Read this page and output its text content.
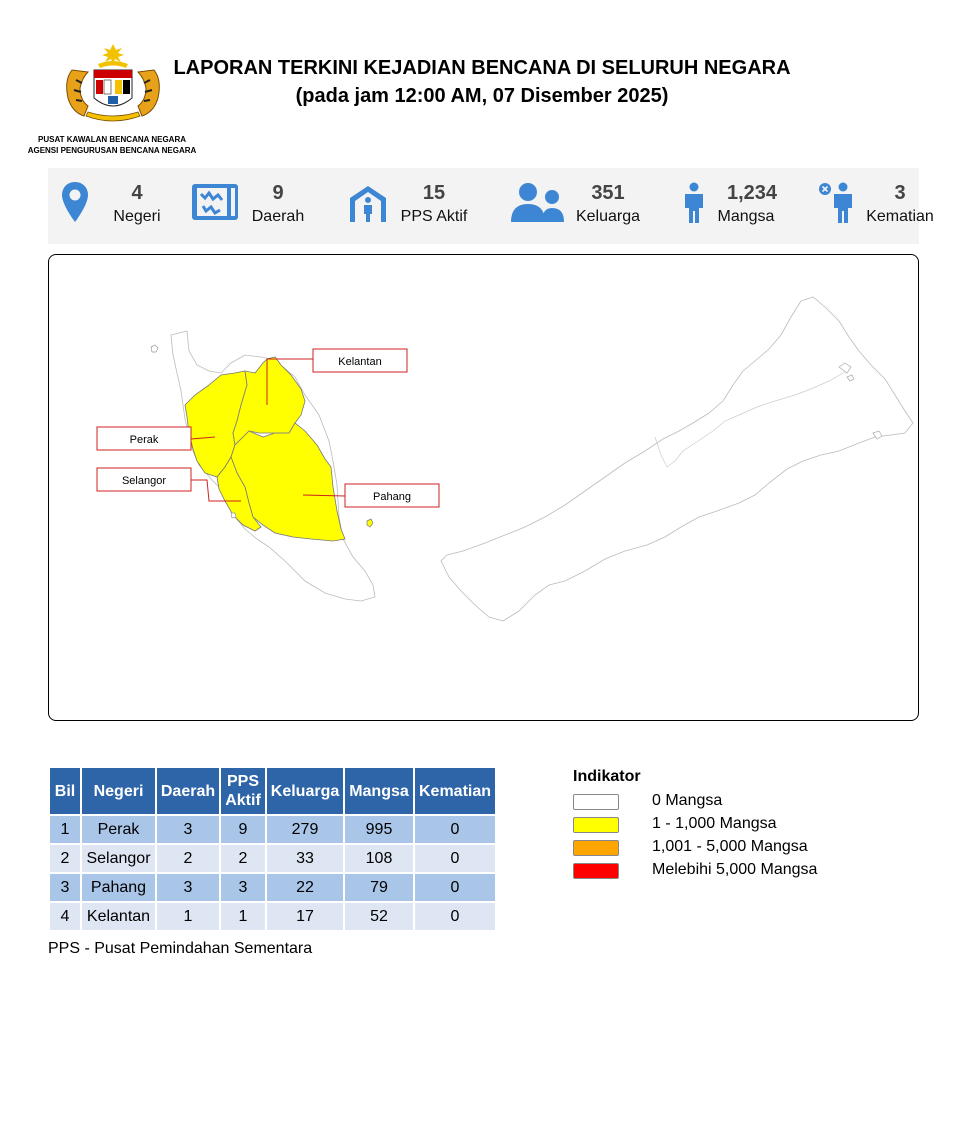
PUSAT KAWALAN BENCANA NEGARA
AGENSI PENGURUSAN BENCANA NEGARA
LAPORAN TERKINI KEJADIAN BENCANA DI SELURUH NEGARA
(pada jam 12:00 AM, 07 Disember 2025)
4
Negeri
9
Daerah
15
PPS Aktif
351
Keluarga
1,234
Mangsa
3
Kematian
Kelantan
Perak
Selangor
Pahang
Bil	Negeri	Daerah	PPS Aktif	Keluarga	Mangsa	Kematian
1	Perak	3	9	279	995	0
2	Selangor	2	2	33	108	0
3	Pahang	3	3	22	79	0
4	Kelantan	1	1	17	52	0
PPS - Pusat Pemindahan Sementara
Indikator
0 Mangsa
1 - 1,000 Mangsa
1,001 - 5,000 Mangsa
Melebihi 5,000 Mangsa
